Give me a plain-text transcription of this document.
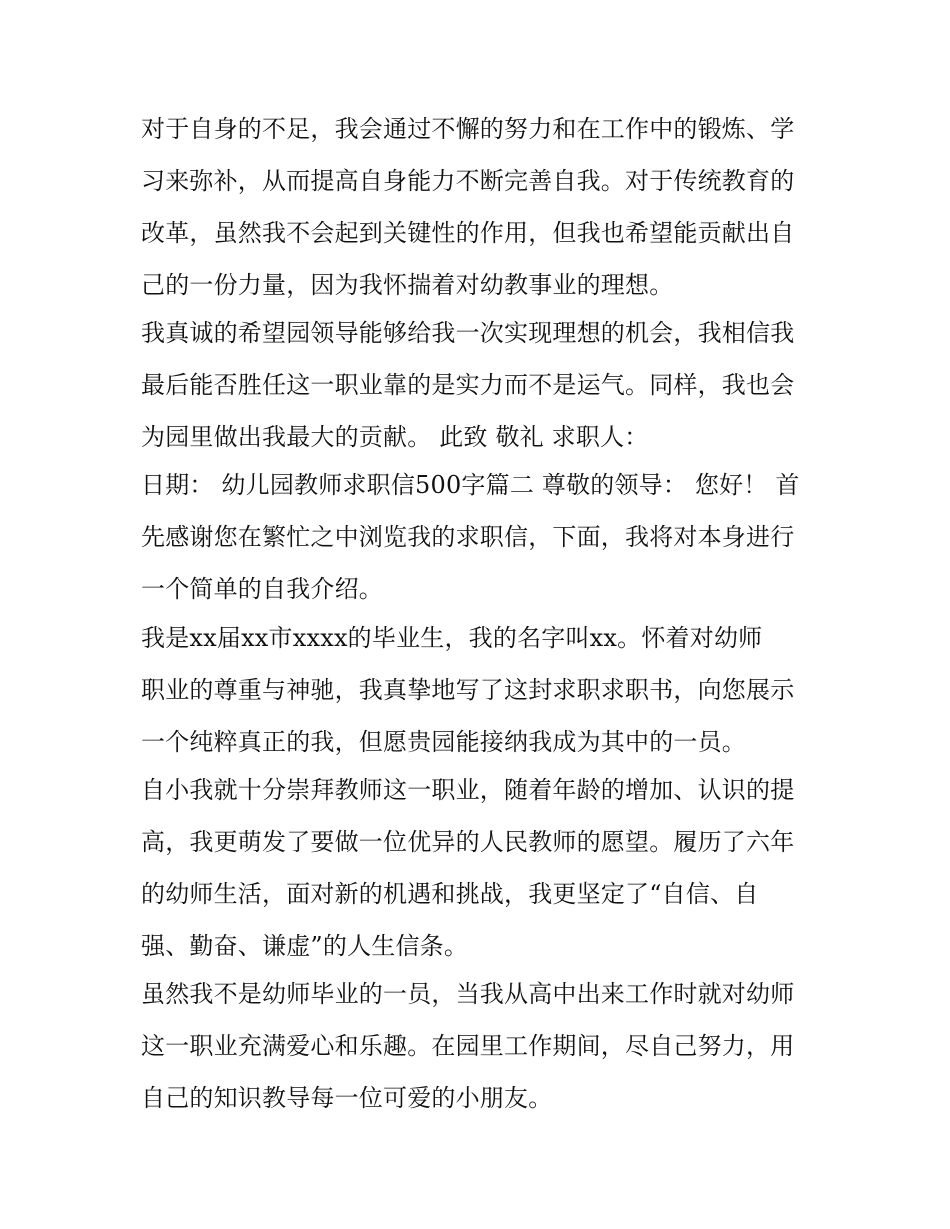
对于自身的不足，我会通过不懈的努力和在工作中的锻炼、学

习来弥补，从而提高自身能力不断完善自我。对于传统教育的

改革，虽然我不会起到关键性的作用，但我也希望能贡献出自

己的一份力量，因为我怀揣着对幼教事业的理想。

我真诚的希望园领导能够给我一次实现理想的机会，我相信我

最后能否胜任这一职业靠的是实力而不是运气。同样，我也会

为园里做出我最大的贡献。 此致 敬礼 求职人：

日期： 幼儿园教师求职信500字篇二 尊敬的领导： 您好！ 首

先感谢您在繁忙之中浏览我的求职信，下面，我将对本身进行

一个简单的自我介绍。

我是xx届xx市xxxx的毕业生，我的名字叫xx。怀着对幼师

职业的尊重与神驰，我真挚地写了这封求职求职书，向您展示

一个纯粹真正的我，但愿贵园能接纳我成为其中的一员。

自小我就十分崇拜教师这一职业，随着年龄的增加、认识的提

高，我更萌发了要做一位优异的人民教师的愿望。履历了六年

的幼师生活，面对新的机遇和挑战，我更坚定了“自信、自

强、勤奋、谦虚”的人生信条。

虽然我不是幼师毕业的一员，当我从高中出来工作时就对幼师

这一职业充满爱心和乐趣。在园里工作期间，尽自己努力，用

自己的知识教导每一位可爱的小朋友。
